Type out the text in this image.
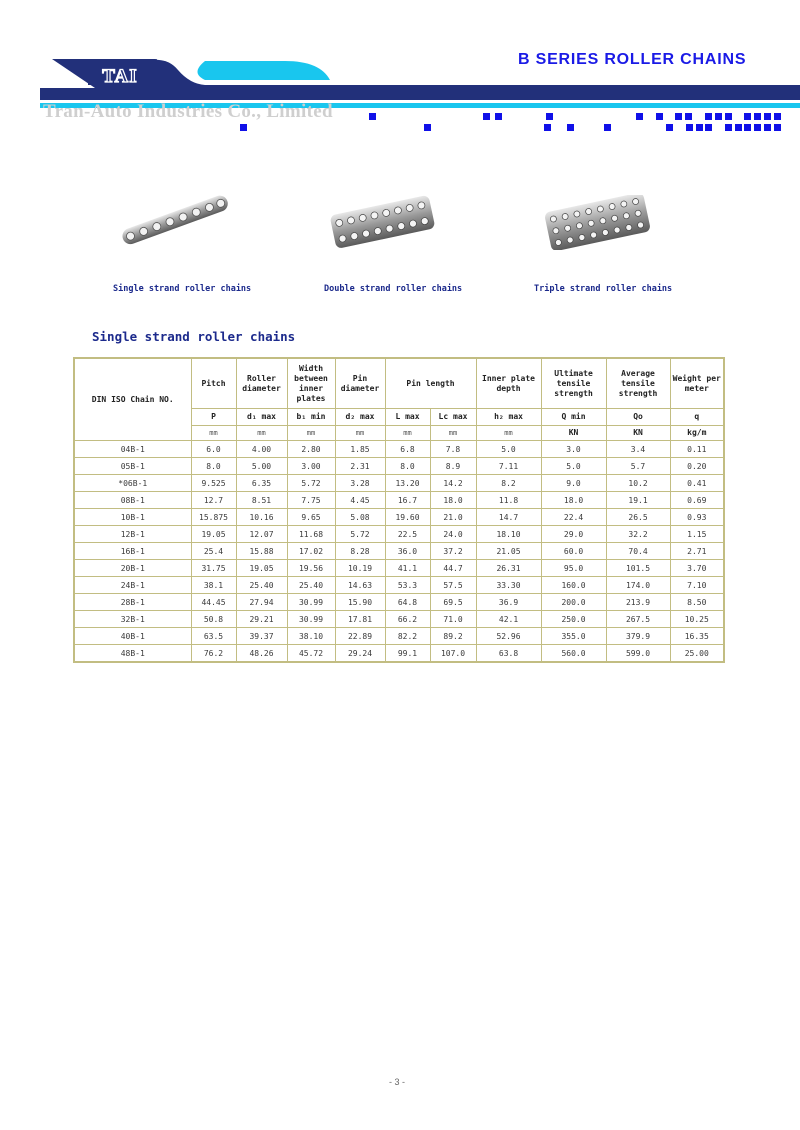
B SERIES ROLLER CHAINS
TAI
Tran-Auto Industries Co., Limited
Single strand roller chains	Double strand roller chains	Triple strand roller chains
Single strand roller chains
DIN ISO Chain NO.	Pitch	Roller diameter	Width between inner plates	Pin diameter	Pin length		Inner plate depth	Ultimate tensile strength	Average tensile strength	Weight per meter
	P	d₁ max	b₁ min	d₂ max	L max	Lc max	h₂ max	Q min	Qo	q
	mm	mm	mm	mm	mm	mm	mm	KN	KN	kg/m
04B-1	6.0	4.00	2.80	1.85	6.8	7.8	5.0	3.0	3.4	0.11
05B-1	8.0	5.00	3.00	2.31	8.0	8.9	7.11	5.0	5.7	0.20
*06B-1	9.525	6.35	5.72	3.28	13.20	14.2	8.2	9.0	10.2	0.41
08B-1	12.7	8.51	7.75	4.45	16.7	18.0	11.8	18.0	19.1	0.69
10B-1	15.875	10.16	9.65	5.08	19.60	21.0	14.7	22.4	26.5	0.93
12B-1	19.05	12.07	11.68	5.72	22.5	24.0	18.10	29.0	32.2	1.15
16B-1	25.4	15.88	17.02	8.28	36.0	37.2	21.05	60.0	70.4	2.71
20B-1	31.75	19.05	19.56	10.19	41.1	44.7	26.31	95.0	101.5	3.70
24B-1	38.1	25.40	25.40	14.63	53.3	57.5	33.30	160.0	174.0	7.10
28B-1	44.45	27.94	30.99	15.90	64.8	69.5	36.9	200.0	213.9	8.50
32B-1	50.8	29.21	30.99	17.81	66.2	71.0	42.1	250.0	267.5	10.25
40B-1	63.5	39.37	38.10	22.89	82.2	89.2	52.96	355.0	379.9	16.35
48B-1	76.2	48.26	45.72	29.24	99.1	107.0	63.8	560.0	599.0	25.00
- 3 -
